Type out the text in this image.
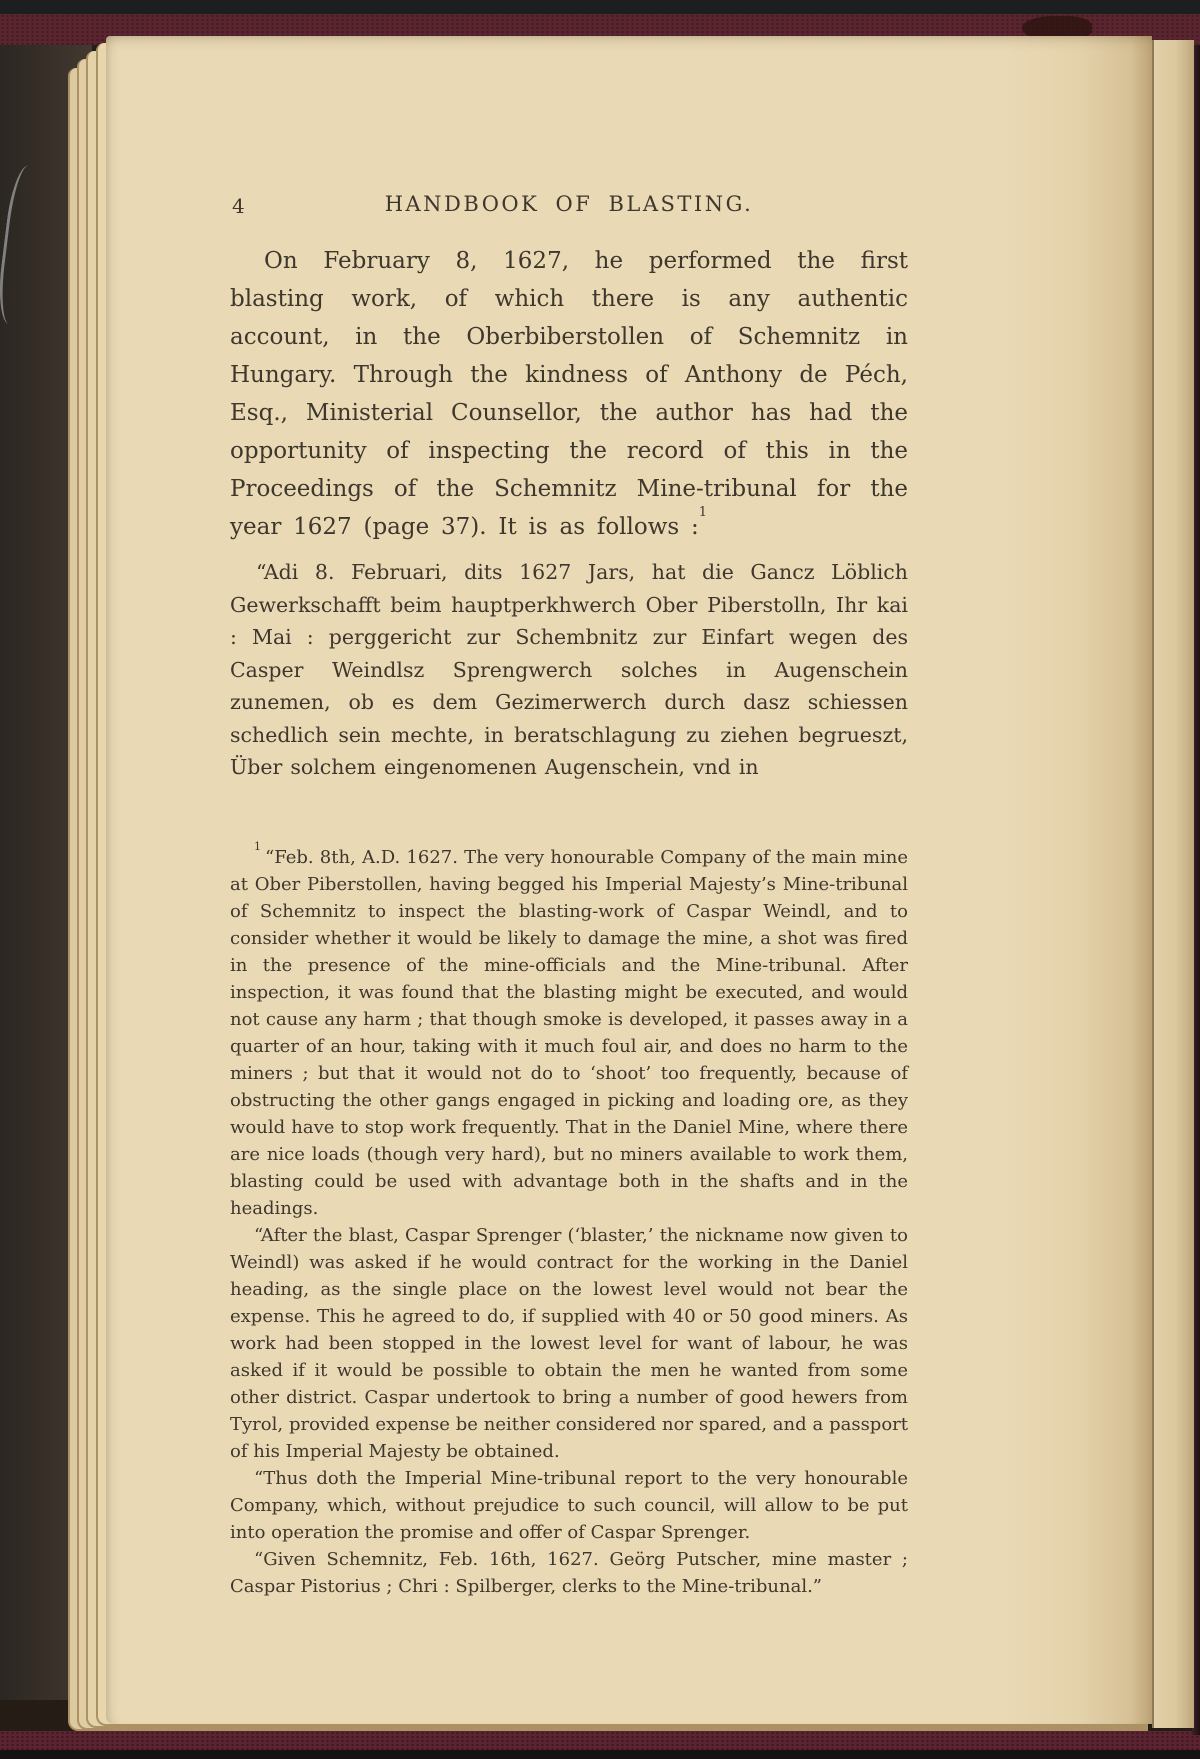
4	HANDBOOK OF BLASTING.

On February 8, 1627, he performed the first blasting work, of which there is any authentic account, in the Oberbiberstollen of Schemnitz in Hungary. Through the kindness of Anthony de Péch, Esq., Ministerial Counsellor, the author has had the opportunity of inspecting the record of this in the Proceedings of the Schemnitz Mine-tribunal for the year 1627 (page 37). It is as follows :$^1$

“Adi 8. Februari, dits 1627 Jars, hat die Gancz Löblich Gewerkschafft beim hauptperkhwerch Ober Piberstolln, Ihr kai : Mai : perggericht zur Schembnitz zur Einfart wegen des Casper Weindlsz Sprengwerch solches in Augenschein zunemen, ob es dem Gezimerwerch durch dasz schiessen schedlich sein mechte, in beratschlagung zu ziehen begrueszt, Über solchem eingenomenen Augenschein, vnd in

$^1$“Feb. 8th, A.D. 1627. The very honourable Company of the main mine at Ober Piberstollen, having begged his Imperial Majesty’s Mine-tribunal of Schemnitz to inspect the blasting-work of Caspar Weindl, and to consider whether it would be likely to damage the mine, a shot was fired in the presence of the mine-officials and the Mine-tribunal. After inspection, it was found that the blasting might be executed, and would not cause any harm ; that though smoke is developed, it passes away in a quarter of an hour, taking with it much foul air, and does no harm to the miners ; but that it would not do to ‘shoot’ too frequently, because of obstructing the other gangs engaged in picking and loading ore, as they would have to stop work frequently. That in the Daniel Mine, where there are nice loads (though very hard), but no miners available to work them, blasting could be used with advantage both in the shafts and in the headings.

“After the blast, Caspar Sprenger (‘blaster,’ the nickname now given to Weindl) was asked if he would contract for the working in the Daniel heading, as the single place on the lowest level would not bear the expense. This he agreed to do, if supplied with 40 or 50 good miners. As work had been stopped in the lowest level for want of labour, he was asked if it would be possible to obtain the men he wanted from some other district. Caspar undertook to bring a number of good hewers from Tyrol, provided expense be neither considered nor spared, and a passport of his Imperial Majesty be obtained.

“Thus doth the Imperial Mine-tribunal report to the very honourable Company, which, without prejudice to such council, will allow to be put into operation the promise and offer of Caspar Sprenger.

“Given Schemnitz, Feb. 16th, 1627. Geörg Putscher, mine master ; Caspar Pistorius ; Chri : Spilberger, clerks to the Mine-tribunal.”
